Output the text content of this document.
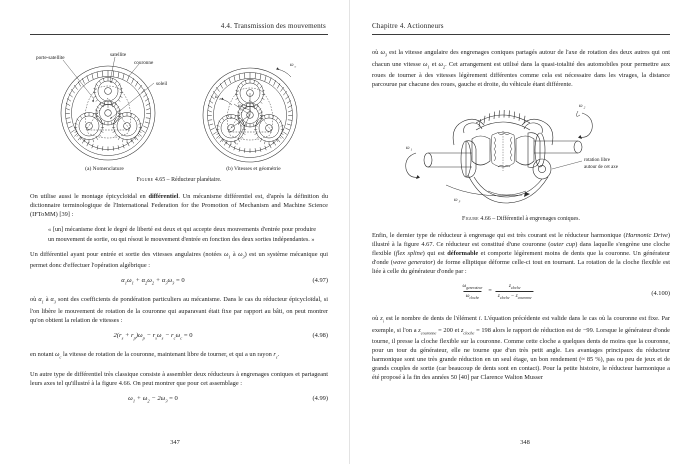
4.4. Transmission des mouvements
porte-satellite	satellite
couronne
soleil
ω c
ω p
ω s
r p
r s
r c
(a) Nomenclature	(b) Vitesses et géométrie
Figure 4.65 – Réducteur planétaire.

On utilise aussi le montage épicycloïdal en différentiel. Un mécanisme différentiel est, d'après la définition du dictionnaire terminologique de l'International Federation for the Promotion of Mechanism and Machine Science (IFToMM) [39] :

« [un] mécanisme dont le degré de liberté est deux et qui accepte deux mouvements d'entrée pour produire un mouvement de sortie, ou qui résout le mouvement d'entrée en fonction des deux sorties indépendantes. »

Un différentiel ayant pour entrée et sortie des vitesses angulaires (notées $\omega_1$ à $\omega_3$) est un système mécanique qui permet donc d'effectuer l'opération algébrique :

$\alpha_1\omega_1 + \alpha_2\omega_2 + \alpha_3\omega_3 = 0$	(4.97)

où $\alpha_1$ à $\alpha_3$ sont des coefficients de pondération particuliers au mécanisme. Dans le cas du réducteur épicycloïdal, si l'on libère le mouvement de rotation de la couronne qui auparavant était fixe par rapport au bâti, on peut montrer qu'on obtient la relation de vitesses :

$2(r_s + r_p)\omega_p - r_s\omega_s - r_c\omega_c = 0$	(4.98)

en notant $\omega_c$ la vitesse de rotation de la couronne, maintenant libre de tourner, et qui a un rayon $r_c$.

Un autre type de différentiel très classique consiste à assembler deux réducteurs à engrenages coniques et partageant leurs axes tel qu'illustré à la figure 4.66. On peut montrer que pour cet assemblage :

$\omega_1 + \omega_2 - 2\omega_3 = 0$	(4.99)
347
Chapitre 4. Actionneurs

où $\omega_3$ est la vitesse angulaire des engrenages coniques partagés autour de l'axe de rotation des deux autres qui ont chacun une vitesse $\omega_1$ et $\omega_2$. Cet arrangement est utilisé dans la quasi-totalité des automobiles pour permettre aux roues de tourner à des vitesses légèrement différentes comme cela est nécessaire dans les virages, la distance parcourue par chacune des roues, gauche et droite, du véhicule étant différente.

ω 2
ω 1
ω 3
rotation libre
autour de cet axe
Figure 4.66 – Différentiel à engrenages coniques.

Enfin, le dernier type de réducteur à engrenage qui est très courant est le réducteur harmonique (Harmonic Drive) illustré à la figure 4.67. Ce réducteur est constitué d'une couronne (outer cup) dans laquelle s'engrène une cloche flexible (flex spline) qui est déformable et comporte légèrement moins de dents que la couronne. Un générateur d'onde (wave generator) de forme elliptique déforme celle-ci tout en tournant. La rotation de la cloche flexible est liée à celle du générateur d'onde par :

$\frac{\omega_{generateur}}{\omega_{cloche}} = \frac{z_{cloche}}{z_{cloche} - z_{couronne}}$	(4.100)

où $z_i$ est le nombre de dents de l'élément i. L'équation précédente est valide dans le cas où la couronne est fixe. Par exemple, si l'on a $z_{couronne} = 200$ et $z_{cloche} = 198$ alors le rapport de réduction est de −99. Lorsque le générateur d'onde tourne, il presse la cloche flexible sur la couronne. Comme cette cloche a quelques dents de moins que la couronne, pour un tour du générateur, elle ne tourne que d'un très petit angle. Les avantages principaux du réducteur harmonique sont une très grande réduction en un seul étage, un bon rendement (≈ 85 %), pas ou peu de jeux et de grands couples de sortie (car beaucoup de dents sont en contact). Pour la petite histoire, le réducteur harmonique a été proposé à la fin des années 50 [40] par Clarence Walton Musser

348
